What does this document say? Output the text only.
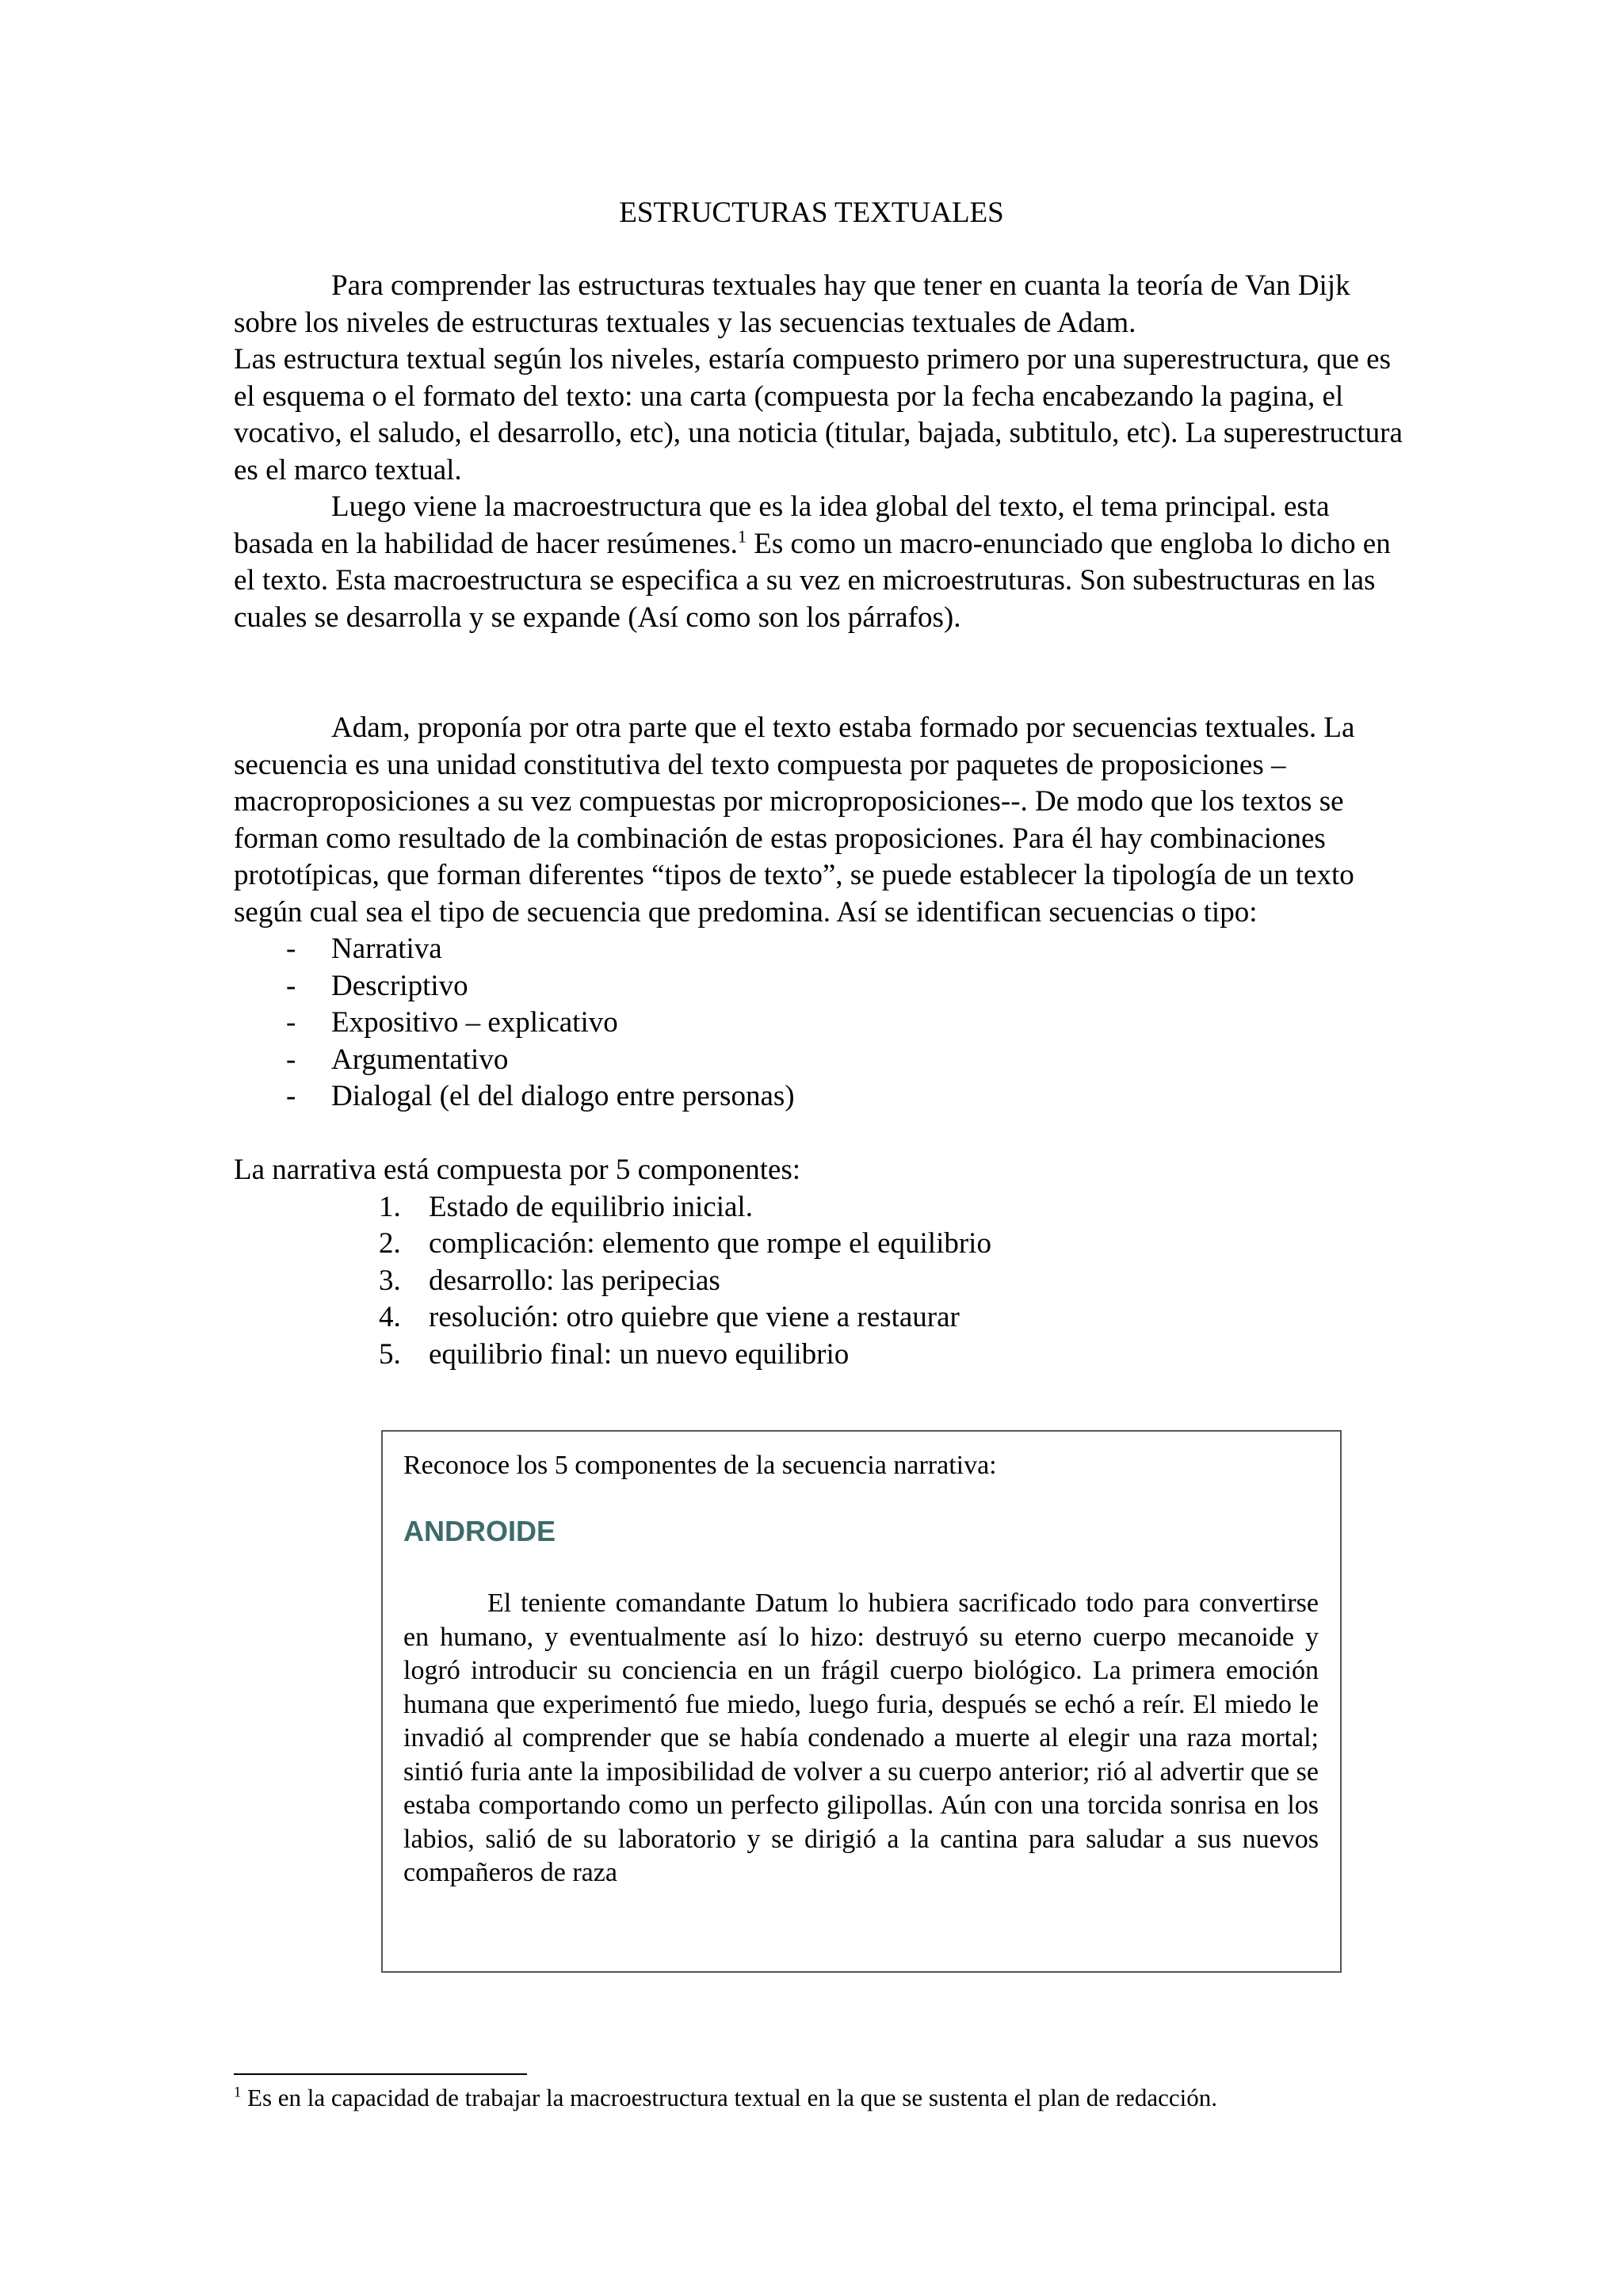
ESTRUCTURAS TEXTUALES

Para comprender las estructuras textuales hay que tener en cuanta la teoría de Van Dijk sobre los niveles de estructuras textuales y las secuencias textuales de Adam.

Las estructura textual según los niveles, estaría compuesto primero por una superestructura, que es el esquema o el formato del texto: una carta (compuesta por la fecha encabezando la pagina, el vocativo, el saludo, el desarrollo, etc), una noticia (titular, bajada, subtitulo, etc). La superestructura es el marco textual.

Luego viene la macroestructura que es la idea global del texto, el tema principal. esta basada en la habilidad de hacer resúmenes.$^1$ Es como un macro-enunciado que engloba lo dicho en el texto. Esta macroestructura se especifica a su vez en microestruturas. Son subestructuras en las cuales se desarrolla y se expande (Así como son los párrafos).

Adam, proponía por otra parte que el texto estaba formado por secuencias textuales. La secuencia es una unidad constitutiva del texto compuesta por paquetes de proposiciones –macroproposiciones a su vez compuestas por microproposiciones--. De modo que los textos se forman como resultado de la combinación de estas proposiciones. Para él hay combinaciones prototípicas, que forman diferentes “tipos de texto”, se puede establecer la tipología de un texto según cual sea el tipo de secuencia que predomina. Así se identifican secuencias o tipo:

- Narrativa
- Descriptivo
- Expositivo – explicativo
- Argumentativo
- Dialogal (el del dialogo entre personas)

La narrativa está compuesta por 5 componentes:

1. Estado de equilibrio inicial.
2. complicación: elemento que rompe el equilibrio
3. desarrollo: las peripecias
4. resolución: otro quiebre que viene a restaurar
5. equilibrio final: un nuevo equilibrio
Reconoce los 5 componentes de la secuencia narrativa:
ANDROIDE

El teniente comandante Datum lo hubiera sacrificado todo para convertirse en humano, y eventualmente así lo hizo: destruyó su eterno cuerpo mecanoide y logró introducir su conciencia en un frágil cuerpo biológico. La primera emoción humana que experimentó fue miedo, luego furia, después se echó a reír. El miedo le invadió al comprender que se había condenado a muerte al elegir una raza mortal; sintió furia ante la imposibilidad de volver a su cuerpo anterior; rió al advertir que se estaba comportando como un perfecto gilipollas. Aún con una torcida sonrisa en los labios, salió de su laboratorio y se dirigió a la cantina para saludar a sus nuevos compañeros de raza

$^1$ Es en la capacidad de trabajar la macroestructura textual en la que se sustenta el plan de redacción.
